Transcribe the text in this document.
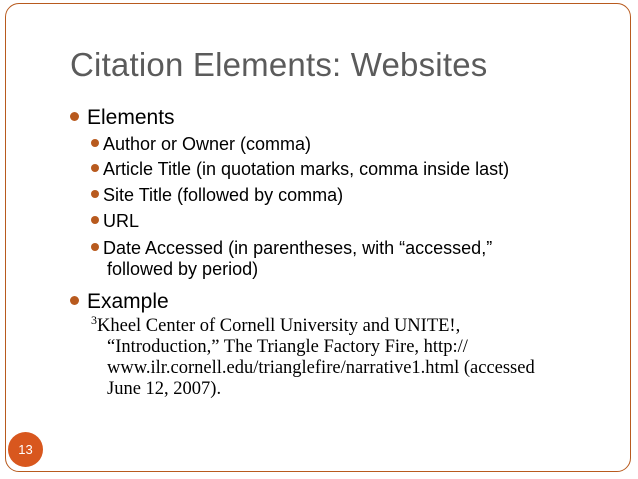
Citation Elements: Websites
Elements
Author or Owner (comma)
Article Title (in quotation marks, comma inside last)
Site Title (followed by comma)
URL
Date Accessed (in parentheses, with “accessed,”
followed by period)
Example
$^3$Kheel Center of Cornell University and UNITE!,
“Introduction,” The Triangle Factory Fire, http://
www.ilr.cornell.edu/trianglefire/narrative1.html (accessed
June 12, 2007).
13
